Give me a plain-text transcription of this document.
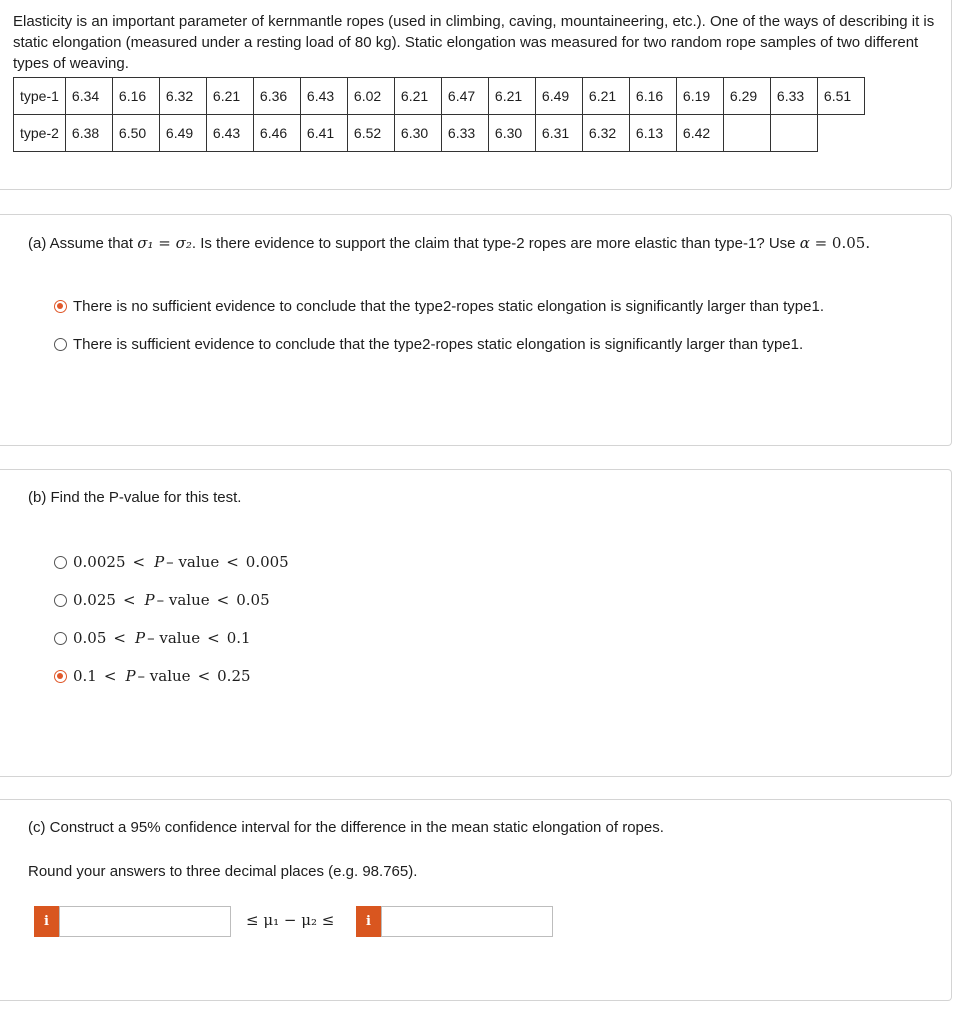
Elasticity is an important parameter of kernmantle ropes (used in climbing, caving, mountaineering, etc.). One of the ways of describing it is static elongation (measured under a resting load of 80 kg). Static elongation was measured for two random rope samples of two different types of weaving.
type-1	6.34	6.16	6.32	6.21	6.36	6.43	6.02	6.21	6.47	6.21	6.49	6.21	6.16	6.19	6.29	6.33	6.51
type-2	6.38	6.50	6.49	6.43	6.46	6.41	6.52	6.30	6.33	6.30	6.31	6.32	6.13	6.42			
(a) Assume that σ₁ = σ₂. Is there evidence to support the claim that type-2 ropes are more elastic than type-1? Use α = 0.05.
There is no sufficient evidence to conclude that the type2-ropes static elongation is significantly larger than type1.
There is sufficient evidence to conclude that the type2-ropes static elongation is significantly larger than type1.
(b) Find the P-value for this test.
0.0025 < P – value < 0.005
0.025 < P – value < 0.05
0.05 < P – value < 0.1
0.1 < P – value < 0.25
(c) Construct a 95% confidence interval for the difference in the mean static elongation of ropes.
Round your answers to three decimal places (e.g. 98.765).
i	≤ μ₁ − μ₂ ≤	i
